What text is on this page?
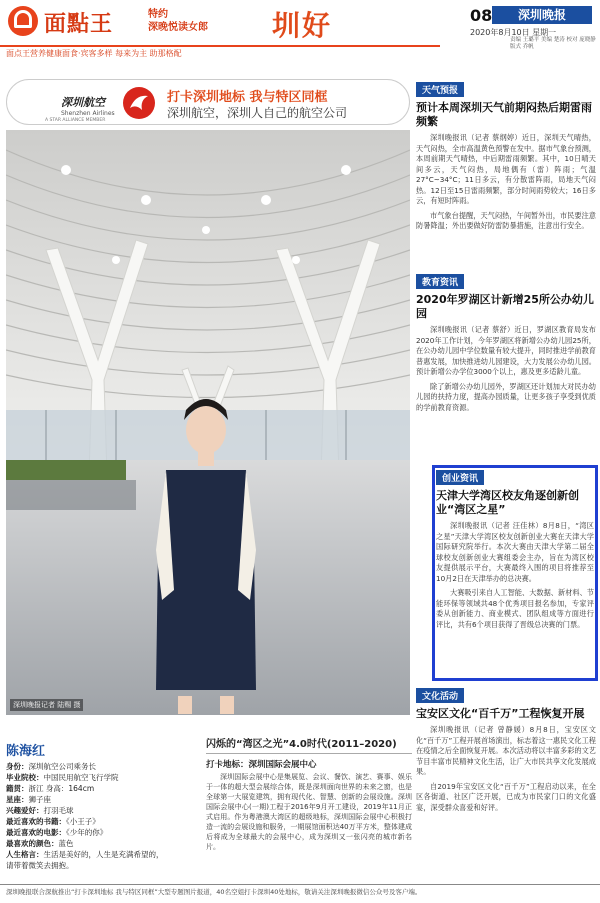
面點王	特约
深晚悦读女郎 圳好	08	深圳晚报
2020年8月10日 星期一
责编 王璐平 美编 楚涛 校对 庞晓静 版式 乔帆
面点王营养健康面食·宾客多样 每来为主 助那格配
深圳航空
Shenzhen Airlines
A STAR ALLIANCE MEMBER
打卡深圳地标 我与特区同框
深圳航空，深圳人自己的航空公司
深圳晚报记者 陆赐 摄
陈海红
身份：深圳航空公司乘务长
毕业院校：中国民用航空飞行学院
籍贯：浙江 身高：164cm
星座：狮子座
兴趣爱好：打羽毛球
最近喜欢的书籍：《小王子》
最近喜欢的电影：《少年的你》
最喜欢的颜色：蓝色
人生格言：生活是美好的，人生是充满希望的，
请带着微笑去拥抱。
闪烁的“湾区之光”4.0时代(2011–2020)
打卡地标：深圳国际会展中心
深圳国际会展中心是集展览、会议、餐饮、演艺、赛事、娱乐于一体的超大型会展综合体，既是深圳面向世界的未来之窗，也是全球第一大展览建筑，拥有现代化、智慧、创新的会展设施。深圳国际会展中心(一期)工程于2016年9月开工建设，2019年11月正式启用。作为粤港澳大湾区的超级地标，深圳国际会展中心积极打造一流的会展设施和服务，一期展馆面积达40万平方米，整体建成后将成为全球最大的会展中心，成为深圳又一张闪亮的城市新名片。
天气预报
预计本周深圳天气前期闷热后期雷雨频繁
深圳晚报讯（记者 蔡纲婷）近日，深圳天气晴热，天气闷热，全市高温黄色预警在发中。据市气象台预测，本周前期天气晴热，中后期雷雨频繁。其中，10日晴天间多云，天气闷热，局地偶有（雷）阵雨；气温27°C~34°C；11日多云，有分散雷阵雨，局地天气闷热。12日至15日雷雨频繁，部分时间雨势较大；16日多云，有短时阵雨。
市气象台提醒，天气闷热，午间暂外出，市民要注意防暑降温；外出要做好防雷防暴措施，注意出行安全。
教育资讯
2020年罗湖区计新增25所公办幼儿园
深圳晚报讯（记者 蔡舒）近日，罗湖区教育局发布2020年工作计划，今年罗湖区将新增公办幼儿园25所，在公办幼儿园中学位数量有较大提升，同时推进学前教育普惠发展，加快推进幼儿园建设，大力发展公办幼儿园。预计新增公办学位3000个以上，惠及更多适龄儿童。
除了新增公办幼儿园外，罗湖区还计划加大对民办幼儿园的扶持力度，提高办园质量，让更多孩子享受到优质的学前教育资源。
创业资讯
天津大学湾区校友角逐创新创业“湾区之星”
深圳晚报讯（记者 汪佳林）8月8日，“湾区之星”天津大学湾区校友创新创业大赛在天津大学国际研究院举行。本次大赛由天津大学第二届全球校友创新创业大赛组委会主办，旨在为湾区校友提供展示平台，大赛最终入围的项目将推荐至10月2日在天津举办的总决赛。
大赛吸引来自人工智能、大数据、新材料、节能环保等领域共48个优秀项目报名参加，专家评委从创新能力、商业模式、团队组成等方面进行评比，共有6个项目获得了晋级总决赛的门票。
文化活动
宝安区文化“百千万”工程恢复开展
深圳晚报讯（记者 曾静媛）8月8日，宝安区文化“百千万”工程开展首场演出，标志着这一惠民文化工程在疫情之后全面恢复开展。本次活动将以丰富多彩的文艺节目丰富市民精神文化生活，让广大市民共享文化发展成果。
自2019年宝安区文化“百千万”工程启动以来，在全区各街道、社区广泛开展，已成为市民家门口的文化盛宴，深受群众喜爱和好评。
深圳晚报联合深航推出“打卡深圳地标 我与特区同框”大型专题图片报道，40名空姐打卡深圳40处地标，敬请关注深圳晚报微信公众号及客户端。
